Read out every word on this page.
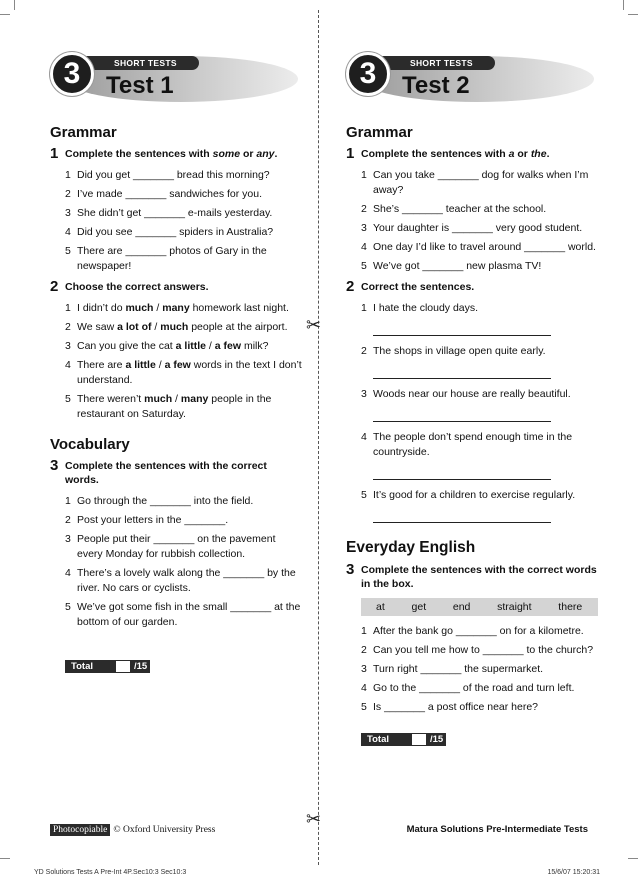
✂
✂
SHORT TESTS
3	Test 1
Grammar
1 Complete the sentences with some or any.
1 Did you get _______ bread this morning?
2 I’ve made _______ sandwiches for you.
3 She didn’t get _______ e-mails yesterday.
4 Did you see _______ spiders in Australia?
5 There are _______ photos of Gary in the newspaper!
2 Choose the correct answers.
1 I didn’t do much / many homework last night.
2 We saw a lot of / much people at the airport.
3 Can you give the cat a little / a few milk?
4 There are a little / a few words in the text I don’t understand.
5 There weren’t much / many people in the restaurant on Saturday.
Vocabulary
3 Complete the sentences with the correct words.
1 Go through the _______ into the field.
2 Post your letters in the _______.
3 People put their _______ on the pavement every Monday for rubbish collection.
4 There’s a lovely walk along the _______ by the river. No cars or cyclists.
5 We’ve got some fish in the small _______ at the bottom of our garden.
Total	/15
SHORT TESTS
3	Test 2
Grammar
1 Complete the sentences with a or the.
1 Can you take _______ dog for walks when I’m away?
2 She’s _______ teacher at the school.
3 Your daughter is _______ very good student.
4 One day I’d like to travel around _______ world.
5 We’ve got _______ new plasma TV!
2 Correct the sentences.
1 I hate the cloudy days.
2 The shops in village open quite early.
3 Woods near our house are really beautiful.
4 The people don’t spend enough time in the countryside.
5 It’s good for a children to exercise regularly.
Everyday English
3 Complete the sentences with the correct words in the box.
at   get   end   straight   there
1 After the bank go _______ on for a kilometre.
2 Can you tell me how to _______ to the church?
3 Turn right _______ the supermarket.
4 Go to the _______ of the road and turn left.
5 Is _______ a post office near here?
Total	/15
Photocopiable © Oxford University Press	Matura Solutions Pre-Intermediate Tests
YD Solutions Tests A Pre-Int 4P.Sec10:3 Sec10:3	15/6/07 15:20:31
